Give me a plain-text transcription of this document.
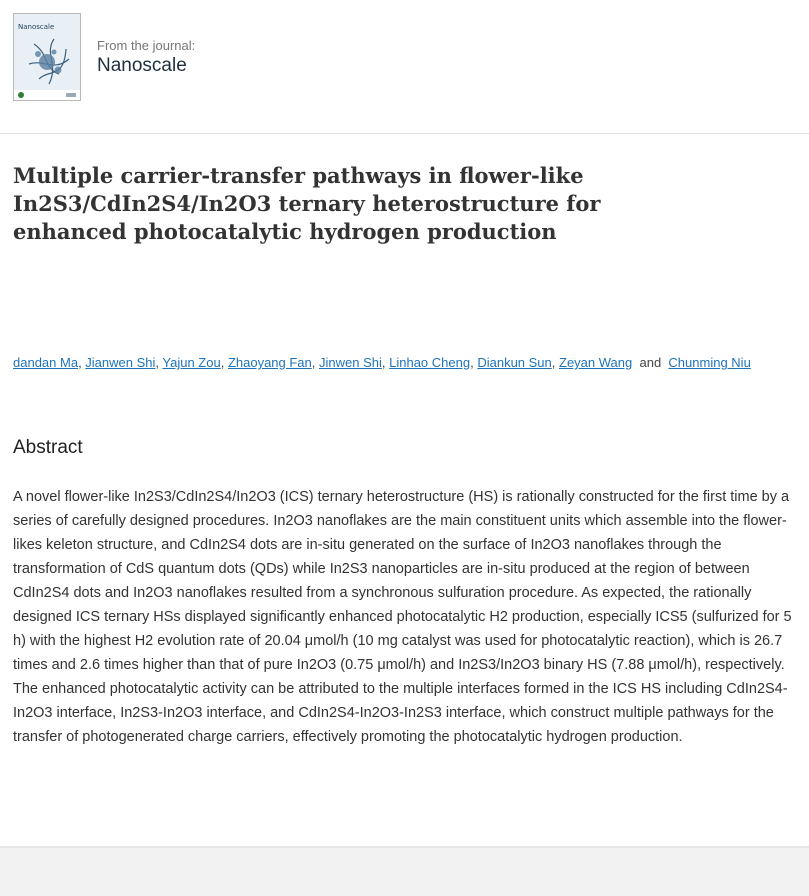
Nanoscale
From the journal:
Nanoscale
Multiple carrier-transfer pathways in flower-like In2S3/CdIn2S4/In2O3 ternary heterostructure for enhanced photocatalytic hydrogen production
dandan Ma, Jianwen Shi, Yajun Zou, Zhaoyang Fan, Jinwen Shi, Linhao Cheng, Diankun Sun, Zeyan Wang and Chunming Niu
Abstract

A novel flower-like In2S3/CdIn2S4/In2O3 (ICS) ternary heterostructure (HS) is rationally constructed for the first time by a series of carefully designed procedures. In2O3 nanoflakes are the main constituent units which assemble into the flower-likes keleton structure, and CdIn2S4 dots are in-situ generated on the surface of In2O3 nanoflakes through the transformation of CdS quantum dots (QDs) while In2S3 nanoparticles are in-situ produced at the region of between CdIn2S4 dots and In2O3 nanoflakes resulted from a synchronous sulfuration procedure. As expected, the rationally designed ICS ternary HSs displayed significantly enhanced photocatalytic H2 production, especially ICS5 (sulfurized for 5 h) with the highest H2 evolution rate of 20.04 μmol/h (10 mg catalyst was used for photocatalytic reaction), which is 26.7 times and 2.6 times higher than that of pure In2O3 (0.75 μmol/h) and In2S3/In2O3 binary HS (7.88 μmol/h), respectively. The enhanced photocatalytic activity can be attributed to the multiple interfaces formed in the ICS HS including CdIn2S4-In2O3 interface, In2S3-In2O3 interface, and CdIn2S4-In2O3-In2S3 interface, which construct multiple pathways for the transfer of photogenerated charge carriers, effectively promoting the photocatalytic hydrogen production.
